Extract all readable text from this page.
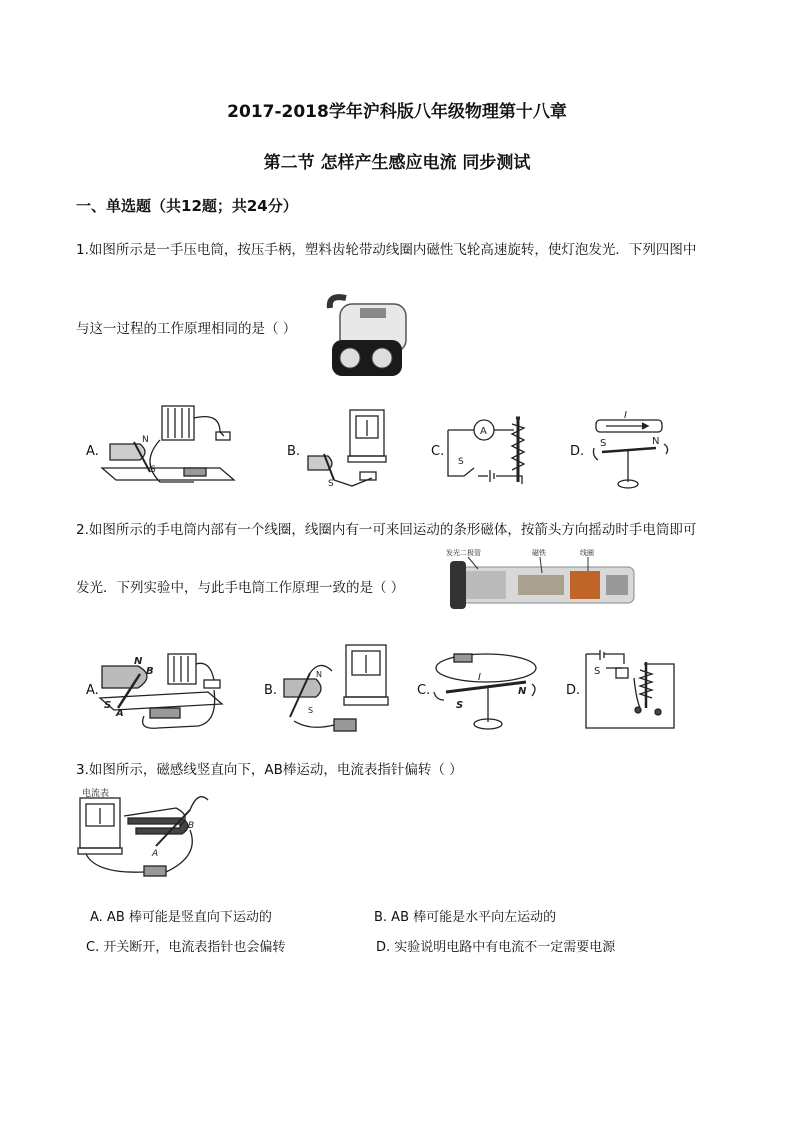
2017-2018学年沪科版八年级物理第十八章
第二节 怎样产生感应电流 同步测试
一、单选题（共12题；共24分）
1.如图所示是一手压电筒，按压手柄，塑料齿轮带动线圈内磁性飞轮高速旋转，使灯泡发光．下列四图中
与这一过程的工作原理相同的是（ ）
A.	B.	C.	D.
N
S
S
A
S
I
N
S
2.如图所示的手电筒内部有一个线圈，线圈内有一可来回运动的条形磁体，按箭头方向摇动时手电筒即可
发光．下列实验中，与此手电筒工作原理一致的是（ ）
发光二极管	磁铁	线圈
A.	B.	C.	D.
N
S
A
B	N
S
I
N
S
S
3.如图所示，磁感线竖直向下，AB棒运动，电流表指针偏转（ ）
电流表
A
B
A. AB 棒可能是竖直向下运动的	B. AB 棒可能是水平向左运动的
C. 开关断开，电流表指针也会偏转	D. 实验说明电路中有电流不一定需要电源
